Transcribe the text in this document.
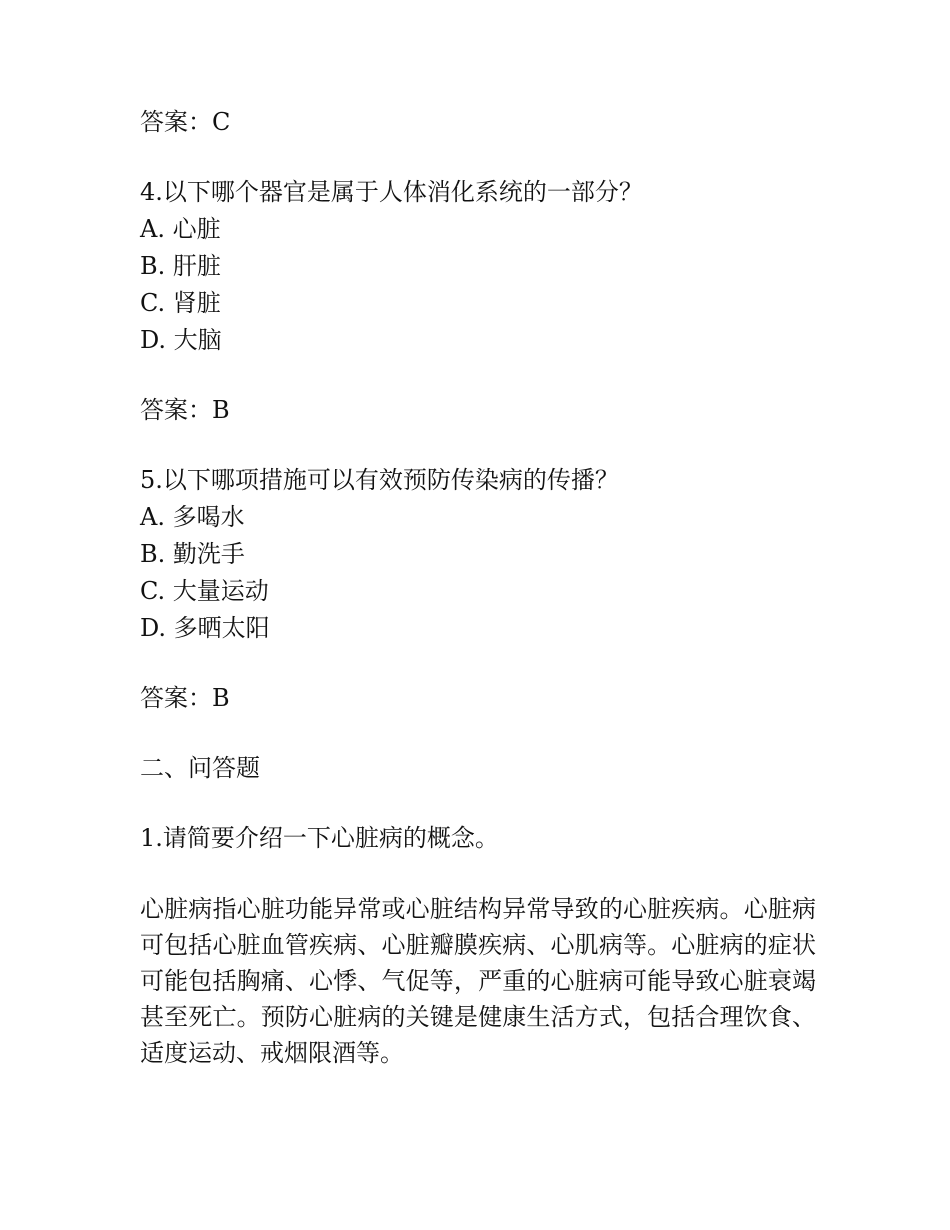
答案：C
4.以下哪个器官是属于人体消化系统的一部分？
A. 心脏
B. 肝脏
C. 肾脏
D. 大脑
答案：B
5.以下哪项措施可以有效预防传染病的传播？
A. 多喝水
B. 勤洗手
C. 大量运动
D. 多晒太阳
答案：B
二、问答题
1.请简要介绍一下心脏病的概念。
心脏病指心脏功能异常或心脏结构异常导致的心脏疾病。心脏病可包括心脏血管疾病、心脏瓣膜疾病、心肌病等。心脏病的症状可能包括胸痛、心悸、气促等，严重的心脏病可能导致心脏衰竭甚至死亡。预防心脏病的关键是健康生活方式，包括合理饮食、适度运动、戒烟限酒等。
